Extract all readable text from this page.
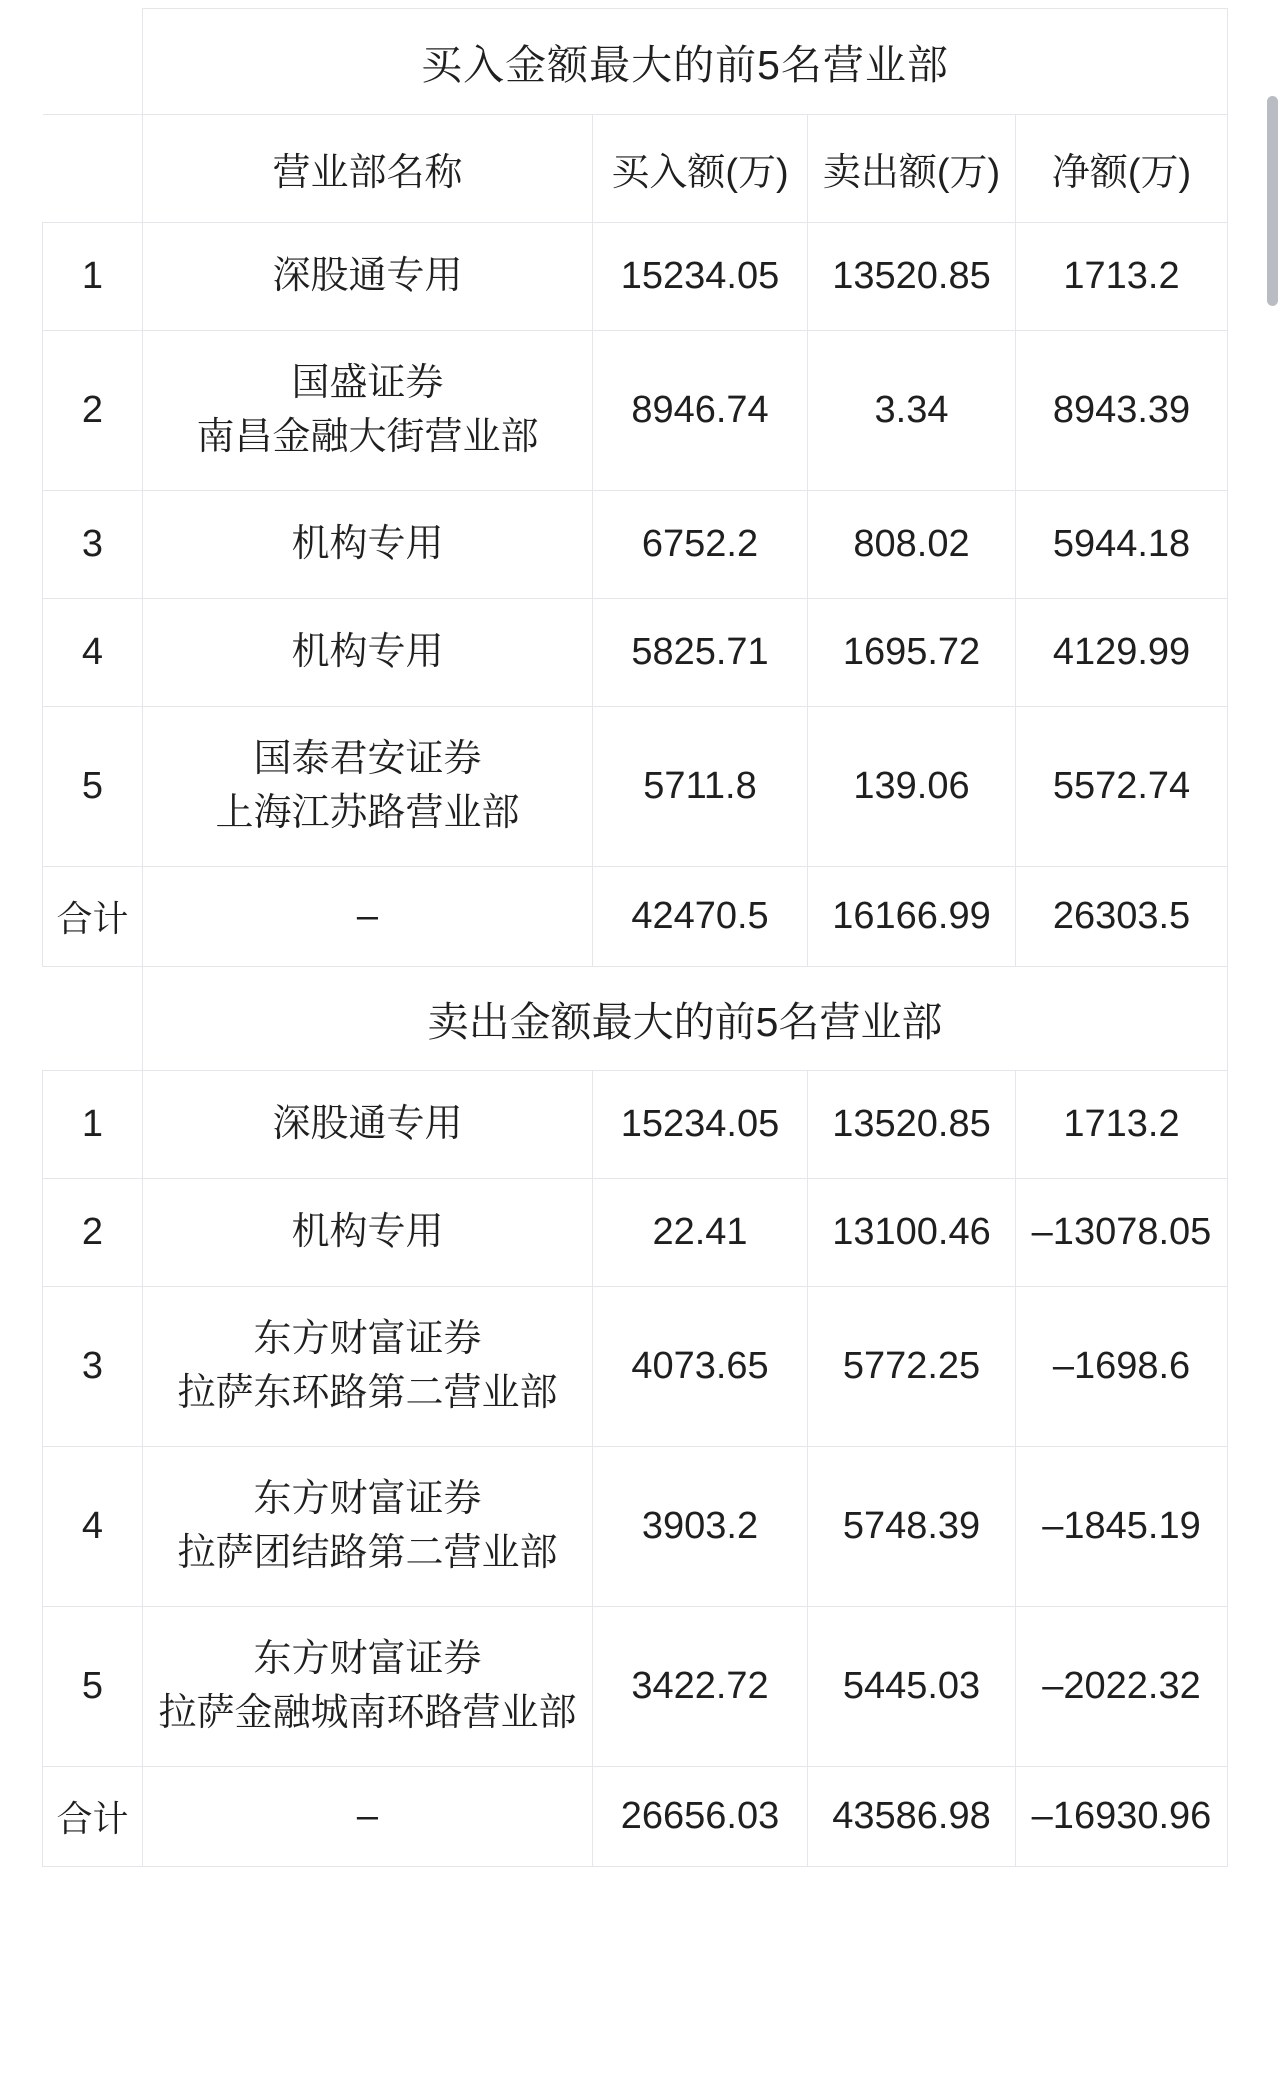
	买入金额最大的前5名营业部			
	营业部名称	买入额(万)	卖出额(万)	净额(万)
1	深股通专用	15234.05	13520.85	1713.2
2	国盛证券
南昌金融大街营业部	8946.74	3.34	8943.39
3	机构专用	6752.2	808.02	5944.18
4	机构专用	5825.71	1695.72	4129.99
5	国泰君安证券
上海江苏路营业部	5711.8	139.06	5572.74
合计	–	42470.5	16166.99	26303.5
	卖出金额最大的前5名营业部			
1	深股通专用	15234.05	13520.85	1713.2
2	机构专用	22.41	13100.46	–13078.05
3	东方财富证券
拉萨东环路第二营业部	4073.65	5772.25	–1698.6
4	东方财富证券
拉萨团结路第二营业部	3903.2	5748.39	–1845.19
5	东方财富证券
拉萨金融城南环路营业部	3422.72	5445.03	–2022.32
合计	–	26656.03	43586.98	–16930.96
